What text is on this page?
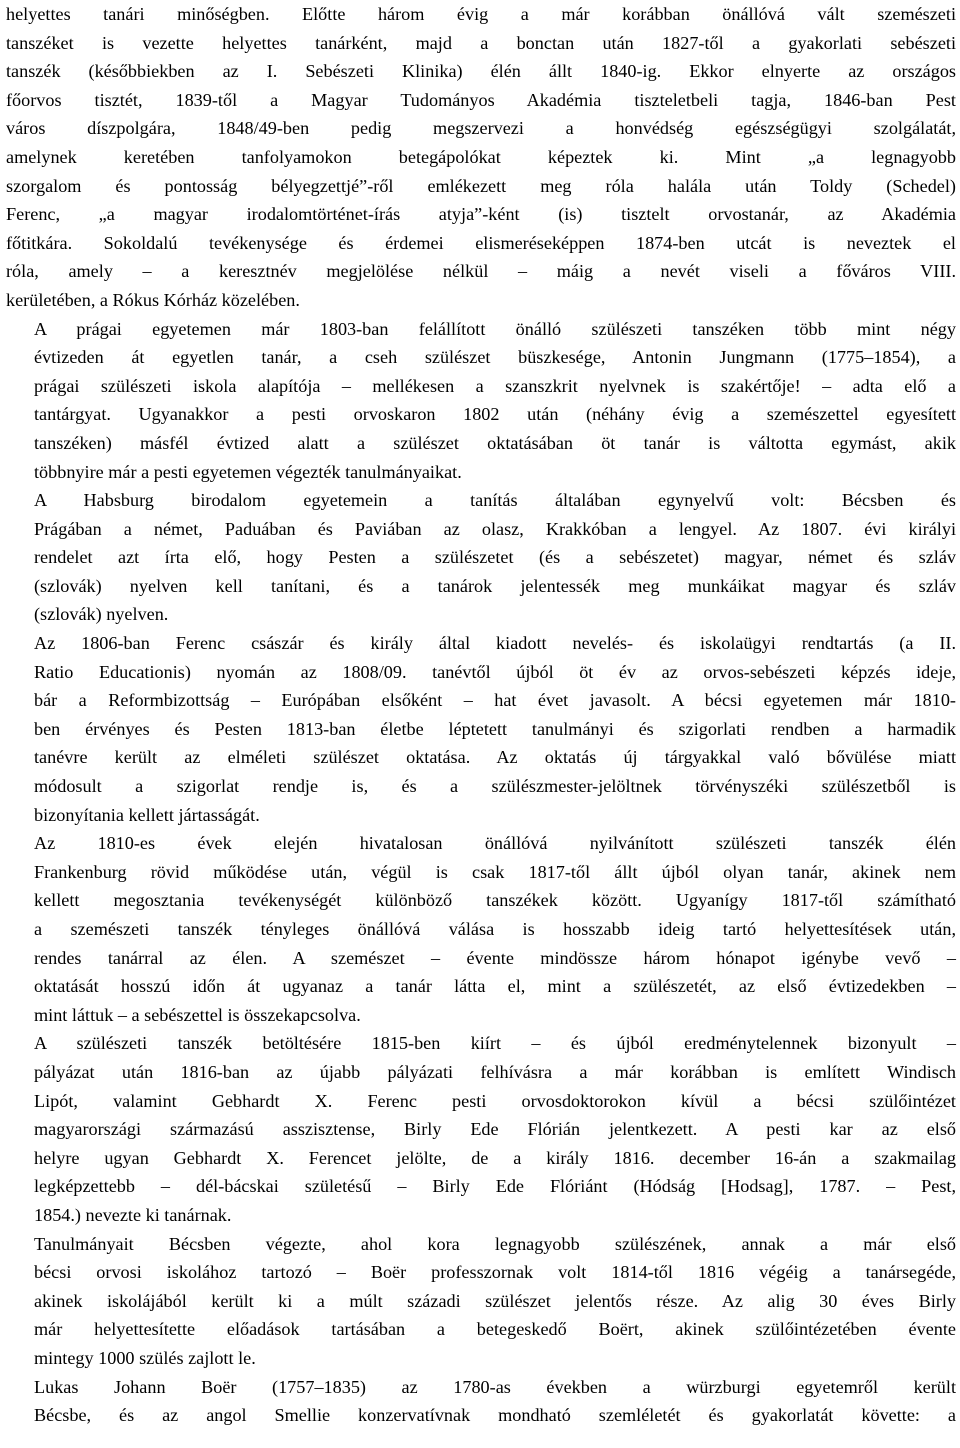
helyettes tanári minőségben. Előtte három évig a már korábban önállóvá vált szemészeti
tanszéket is vezette helyettes tanárként, majd a bonctan után 1827-től a gyakorlati sebészeti
tanszék (későbbiekben az I. Sebészeti Klinika) élén állt 1840-ig. Ekkor elnyerte az országos
főorvos tisztét, 1839-től a Magyar Tudományos Akadémia tiszteletbeli tagja, 1846-ban Pest
város díszpolgára, 1848/49-ben pedig megszervezi a honvédség egészségügyi szolgálatát,
amelynek keretében tanfolyamokon betegápolókat képeztek ki. Mint „a legnagyobb
szorgalom és pontosság bélyegzettjé”-ről emlékezett meg róla halála után Toldy (Schedel)
Ferenc, „a magyar irodalomtörténet-írás atyja”-ként (is) tisztelt orvostanár, az Akadémia
főtitkára. Sokoldalú tevékenysége és érdemei elismeréseképpen 1874-ben utcát is neveztek el
róla, amely – a keresztnév megjelölése nélkül – máig a nevét viseli a főváros VIII.
kerületében, a Rókus Kórház közelében.
A prágai egyetemen már 1803-ban felállított önálló szülészeti tanszéken több mint négy
évtizeden át egyetlen tanár, a cseh szülészet büszkesége, Antonin Jungmann (1775–1854), a
prágai szülészeti iskola alapítója – mellékesen a szanszkrit nyelvnek is szakértője! – adta elő a
tantárgyat. Ugyanakkor a pesti orvoskaron 1802 után (néhány évig a szemészettel egyesített
tanszéken) másfél évtized alatt a szülészet oktatásában öt tanár is váltotta egymást, akik
többnyire már a pesti egyetemen végezték tanulmányaikat.
A Habsburg birodalom egyetemein a tanítás általában egynyelvű volt: Bécsben és
Prágában a német, Paduában és Paviában az olasz, Krakkóban a lengyel. Az 1807. évi királyi
rendelet azt írta elő, hogy Pesten a szülészetet (és a sebészetet) magyar, német és szláv
(szlovák) nyelven kell tanítani, és a tanárok jelentessék meg munkáikat magyar és szláv
(szlovák) nyelven.
Az 1806-ban Ferenc császár és király által kiadott nevelés- és iskolaügyi rendtartás (a II.
Ratio Educationis) nyomán az 1808/09. tanévtől újból öt év az orvos-sebészeti képzés ideje,
bár a Reformbizottság – Európában elsőként – hat évet javasolt. A bécsi egyetemen már 1810-
ben érvényes és Pesten 1813-ban életbe léptetett tanulmányi és szigorlati rendben a harmadik
tanévre került az elméleti szülészet oktatása. Az oktatás új tárgyakkal való bővülése miatt
módosult a szigorlat rendje is, és a szülészmester-jelöltnek törvényszéki szülészetből is
bizonyítania kellett jártasságát.
Az 1810-es évek elején hivatalosan önállóvá nyilvánított szülészeti tanszék élén
Frankenburg rövid működése után, végül is csak 1817-től állt újból olyan tanár, akinek nem
kellett megosztania tevékenységét különböző tanszékek között. Ugyanígy 1817-től számítható
a szemészeti tanszék tényleges önállóvá válása is hosszabb ideig tartó helyettesítések után,
rendes tanárral az élen. A szemészet – évente mindössze három hónapot igénybe vevő –
oktatását hosszú időn át ugyanaz a tanár látta el, mint a szülészetét, az első évtizedekben –
mint láttuk – a sebészettel is összekapcsolva.
A szülészeti tanszék betöltésére 1815-ben kiírt – és újból eredménytelennek bizonyult –
pályázat után 1816-ban az újabb pályázati felhívásra a már korábban is említett Windisch
Lipót, valamint Gebhardt X. Ferenc pesti orvosdoktorokon kívül a bécsi szülőintézet
magyarországi származású asszisztense, Birly Ede Flórián jelentkezett. A pesti kar az első
helyre ugyan Gebhardt X. Ferencet jelölte, de a király 1816. december 16-án a szakmailag
legképzettebb – dél-bácskai születésű – Birly Ede Flóriánt (Hódság [Hodsag], 1787. – Pest,
1854.) nevezte ki tanárnak.
Tanulmányait Bécsben végezte, ahol kora legnagyobb szülészének, annak a már első
bécsi orvosi iskolához tartozó – Boër professzornak volt 1814-től 1816 végéig a tanársegéde,
akinek iskolájából került ki a múlt századi szülészet jelentős része. Az alig 30 éves Birly
már helyettesítette előadások tartásában a betegeskedő Boërt, akinek szülőintézetében évente
mintegy 1000 szülés zajlott le.
Lukas Johann Boër (1757–1835) az 1780-as években a würzburgi egyetemről került
Bécsbe, és az angol Smellie konzervatívnak mondható szemléletét és gyakorlatát követte: a
